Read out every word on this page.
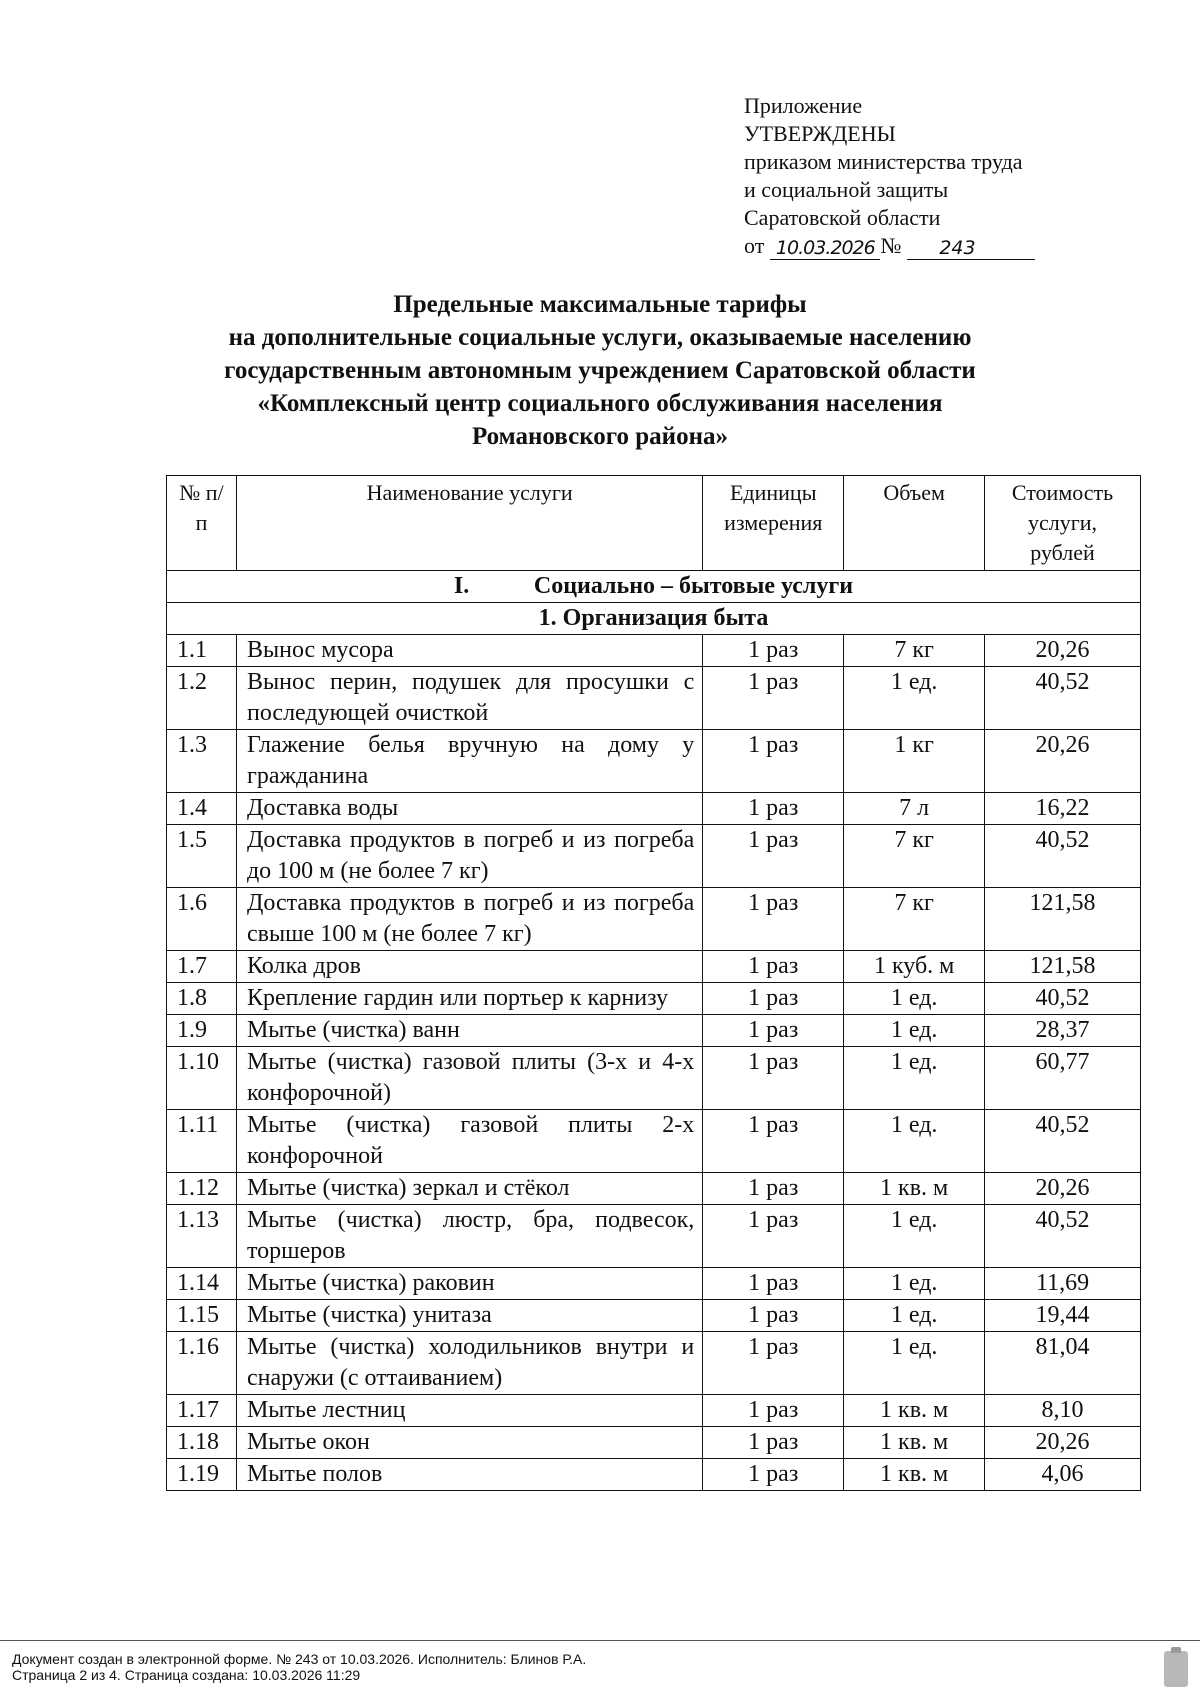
Приложение
УТВЕРЖДЕНЫ
приказом министерства труда
и социальной защиты
Саратовской области
от 10.03.2026 №	243
Предельные максимальные тарифы
на дополнительные социальные услуги, оказываемые населению
государственным автономным учреждением Саратовской области
«Комплексный центр социального обслуживания населения
Романовского района»
№ п/п	Наименование услуги	Единицы измерения	Объем	Стоимость услуги, рублей
I. Социально – бытовые услуги				
1. Организация быта				
1.1	Вынос мусора	1 раз	7 кг	20,26
1.2	Вынос перин, подушек для просушки с последующей очисткой	1 раз	1 ед.	40,52
1.3	Глажение белья вручную на дому у гражданина	1 раз	1 кг	20,26
1.4	Доставка воды	1 раз	7 л	16,22
1.5	Доставка продуктов в погреб и из погреба до 100 м (не более 7 кг)	1 раз	7 кг	40,52
1.6	Доставка продуктов в погреб и из погреба свыше 100 м (не более 7 кг)	1 раз	7 кг	121,58
1.7	Колка дров	1 раз	1 куб. м	121,58
1.8	Крепление гардин или портьер к карнизу	1 раз	1 ед.	40,52
1.9	Мытье (чистка) ванн	1 раз	1 ед.	28,37
1.10	Мытье (чистка) газовой плиты (3-х и 4-х конфорочной)	1 раз	1 ед.	60,77
1.11	Мытье (чистка) газовой плиты 2-х конфорочной	1 раз	1 ед.	40,52
1.12	Мытье (чистка) зеркал и стёкол	1 раз	1 кв. м	20,26
1.13	Мытье (чистка) люстр, бра, подвесок, торшеров	1 раз	1 ед.	40,52
1.14	Мытье (чистка) раковин	1 раз	1 ед.	11,69
1.15	Мытье (чистка) унитаза	1 раз	1 ед.	19,44
1.16	Мытье (чистка) холодильников внутри и снаружи (с оттаиванием)	1 раз	1 ед.	81,04
1.17	Мытье лестниц	1 раз	1 кв. м	8,10
1.18	Мытье окон	1 раз	1 кв. м	20,26
1.19	Мытье полов	1 раз	1 кв. м	4,06
Документ создан в электронной форме. № 243 от 10.03.2026. Исполнитель: Блинов Р.А.
Страница 2 из 4. Страница создана: 10.03.2026 11:29
